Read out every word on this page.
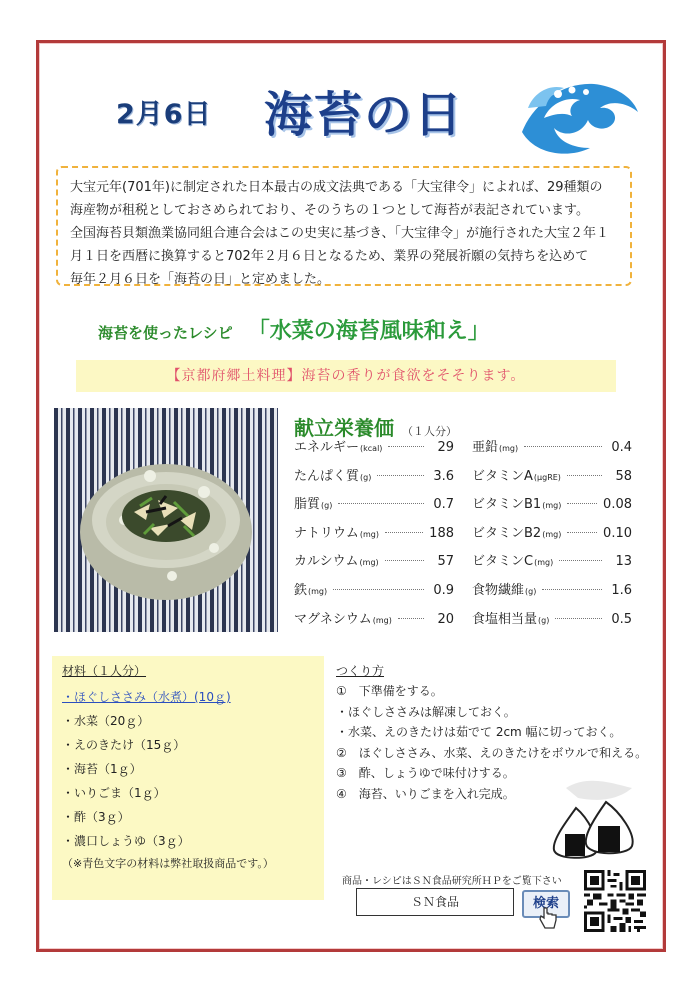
2月6日 海苔の日

大宝元年(701年)に制定された日本最古の成文法典である「大宝律令」によれば、29種類の

海産物が租税としておさめられており、そのうちの１つとして海苔が表記されています。

全国海苔貝類漁業協同組合連合会はこの史実に基づき、「大宝律令」が施行された大宝２年１

月１日を西暦に換算すると702年２月６日となるため、業界の発展祈願の気持ちを込めて

毎年２月６日を「海苔の日」と定めました。

海苔を使ったレシピ 「水菜の海苔風味和え」
【京都府郷土料理】海苔の香りが食欲をそそります。
献立栄養価 （１人分）
エネルギー (kcal)	29
たんぱく質 (g)	3.6
脂質 (g)	0.7
ナトリウム (mg)	188
カルシウム (mg)	57
鉄 (mg)	0.9
マグネシウム (mg)	20
亜鉛 (mg)	0.4
ビタミンA (µgRE)	58
ビタミンB1 (mg)	0.08
ビタミンB2 (mg)	0.10
ビタミンC (mg)	13
食物繊維 (g)	1.6
食塩相当量 (g)	0.5
材料（１人分）
・ほぐしささみ（水煮）(10ｇ)
・水菜（20ｇ）
・えのきたけ（15ｇ）
・海苔（1ｇ）
・いりごま（1ｇ）
・酢（3ｇ）
・濃口しょうゆ（3ｇ）
（※青色文字の材料は弊社取扱商品です。）
つくり方
①　下準備をする。
・ほぐしささみは解凍しておく。
・水菜、えのきたけは茹でて 2cm 幅に切っておく。
②　ほぐしささみ、水菜、えのきたけをボウルで和える。
③　酢、しょうゆで味付けする。
④　海苔、いりごまを入れ完成。
商品・レシピはＳＮ食品研究所ＨＰをご覧下さい
ＳＮ食品	検索
